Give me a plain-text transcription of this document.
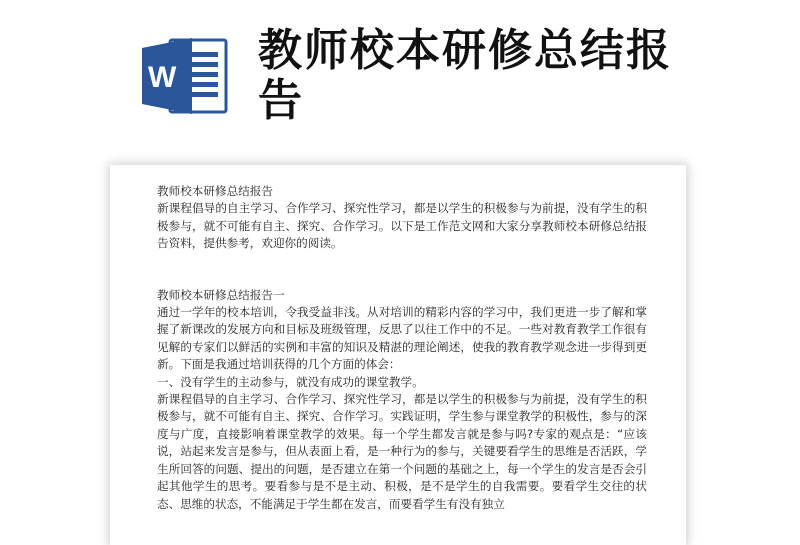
W
教师校本研修总结报告

教师校本研修总结报告

新课程倡导的自主学习、合作学习、探究性学习，都是以学生的积极参与为前提，没有学生的积极参与，就不可能有自主、探究、合作学习。以下是工作范文网和大家分享教师校本研修总结报告资料，提供参考，欢迎你的阅读。

教师校本研修总结报告一

通过一学年的校本培训，令我受益非浅。从对培训的精彩内容的学习中，我们更进一步了解和掌握了新课改的发展方向和目标及班级管理，反思了以往工作中的不足。一些对教育教学工作很有见解的专家们以鲜活的实例和丰富的知识及精湛的理论阐述，使我的教育教学观念进一步得到更新。下面是我通过培训获得的几个方面的体会：

一、没有学生的主动参与，就没有成功的课堂教学。

新课程倡导的自主学习、合作学习、探究性学习，都是以学生的积极参与为前提，没有学生的积极参与，就不可能有自主、探究、合作学习。实践证明，学生参与课堂教学的积极性，参与的深度与广度，直接影响着课堂教学的效果。每一个学生都发言就是参与吗?专家的观点是：“应该说，站起来发言是参与，但从表面上看，是一种行为的参与，关键要看学生的思维是否活跃，学生所回答的问题、提出的问题，是否建立在第一个问题的基础之上，每一个学生的发言是否会引起其他学生的思考。要看参与是不是主动、积极，是不是学生的自我需要。要看学生交往的状态、思维的状态，不能满足于学生都在发言，而要看学生有没有独立
